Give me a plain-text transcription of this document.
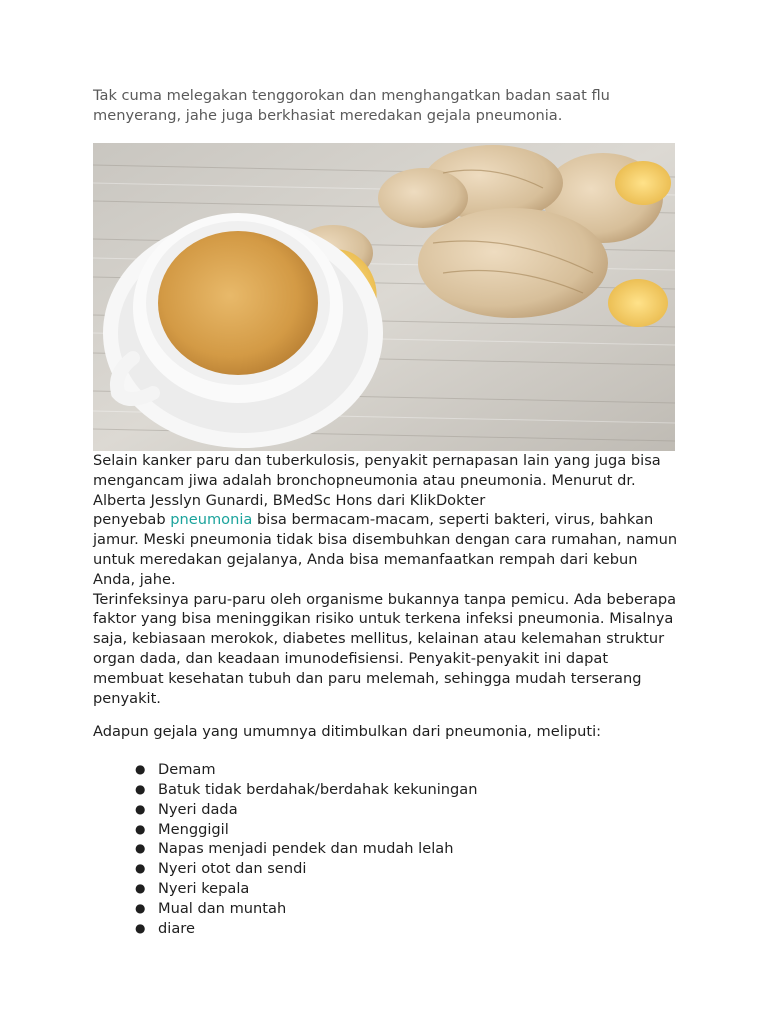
Tak cuma melegakan tenggorokan dan menghangatkan badan saat flu menyerang, jahe juga berkhasiat meredakan gejala pneumonia.

Selain kanker paru dan tuberkulosis, penyakit pernapasan lain yang juga bisa mengancam jiwa adalah bronchopneumonia atau pneumonia. Menurut dr. Alberta Jesslyn Gunardi, BMedSc Hons dari KlikDokter
penyebab pneumonia bisa bermacam-macam, seperti bakteri, virus, bahkan jamur. Meski pneumonia tidak bisa disembuhkan dengan cara rumahan, namun untuk meredakan gejalanya, Anda bisa memanfaatkan rempah dari kebun Anda, jahe.

Terinfeksinya paru-paru oleh organisme bukannya tanpa pemicu. Ada beberapa faktor yang bisa meninggikan risiko untuk terkena infeksi pneumonia. Misalnya saja, kebiasaan merokok, diabetes mellitus, kelainan atau kelemahan struktur organ dada, dan keadaan imunodefisiensi. Penyakit-penyakit ini dapat membuat kesehatan tubuh dan paru melemah, sehingga mudah terserang penyakit.

Adapun gejala yang umumnya ditimbulkan dari pneumonia, meliputi:

● Demam
● Batuk tidak berdahak/berdahak kekuningan
● Nyeri dada
● Menggigil
● Napas menjadi pendek dan mudah lelah
● Nyeri otot dan sendi
● Nyeri kepala
● Mual dan muntah
● diare
